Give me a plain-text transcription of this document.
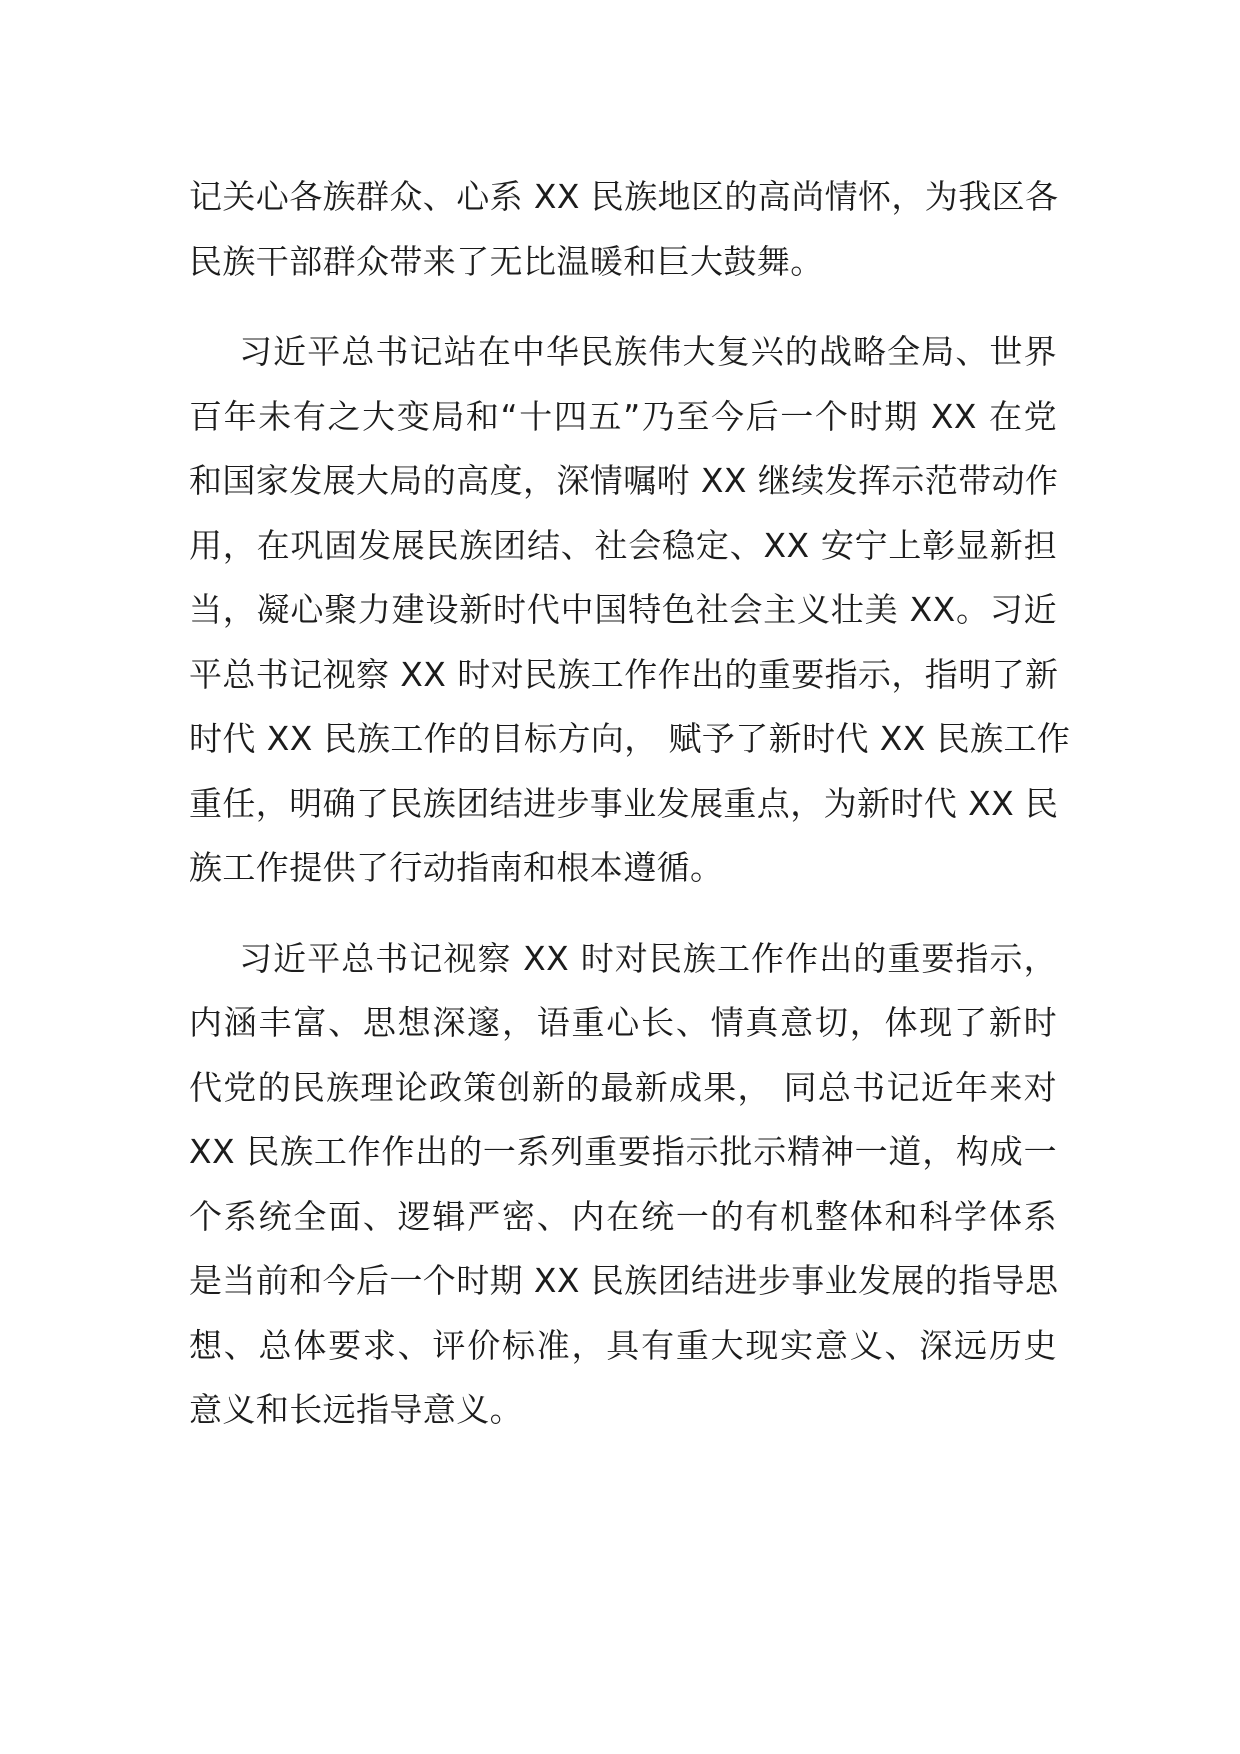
记关心各族群众、心系 XX 民族地区的高尚情怀，为我区各
民族干部群众带来了无比温暖和巨大鼓舞。
习近平总书记站在中华民族伟大复兴的战略全局、世界
百年未有之大变局和“十四五”乃至今后一个时期 XX 在党
和国家发展大局的高度，深情嘱咐 XX 继续发挥示范带动作
用，在巩固发展民族团结、社会稳定、XX 安宁上彰显新担
当，凝心聚力建设新时代中国特色社会主义壮美 XX。习近
平总书记视察 XX 时对民族工作作出的重要指示，指明了新
时代 XX 民族工作的目标方向， 赋予了新时代 XX 民族工作
重任，明确了民族团结进步事业发展重点，为新时代 XX 民
族工作提供了行动指南和根本遵循。
习近平总书记视察 XX 时对民族工作作出的重要指示，
内涵丰富、思想深邃，语重心长、情真意切，体现了新时
代党的民族理论政策创新的最新成果， 同总书记近年来对
XX 民族工作作出的一系列重要指示批示精神一道，构成一
个系统全面、逻辑严密、内在统一的有机整体和科学体系
是当前和今后一个时期 XX 民族团结进步事业发展的指导思
想、总体要求、评价标准，具有重大现实意义、深远历史
意义和长远指导意义。
